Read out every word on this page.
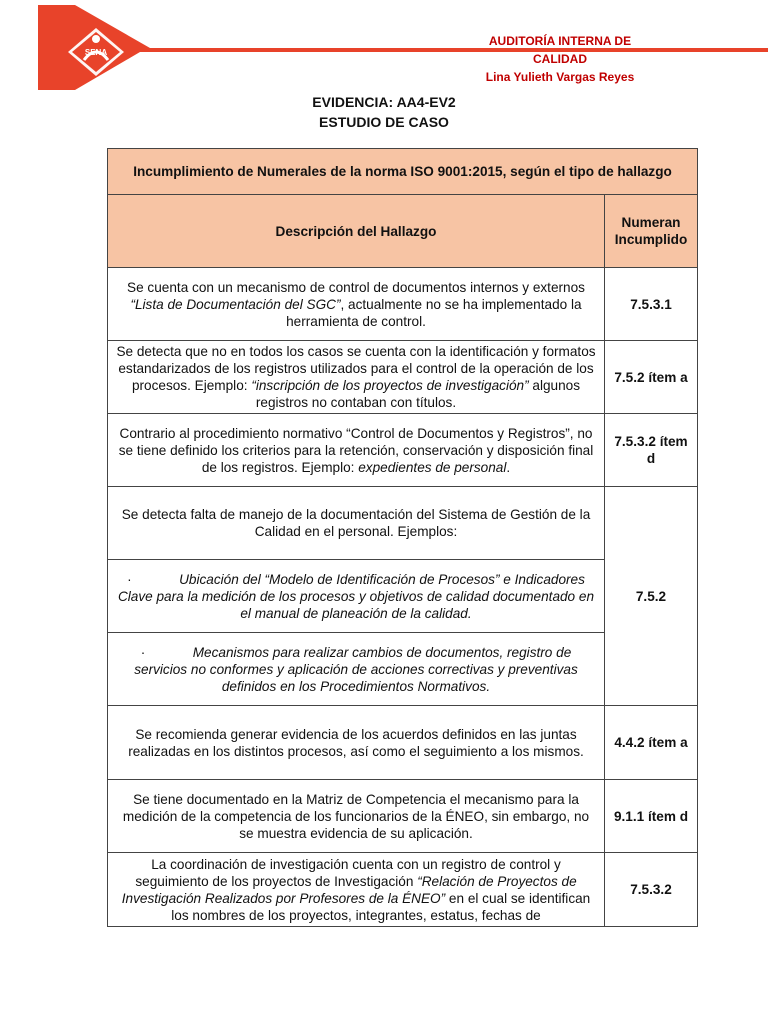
SENA
AUDITORÍA INTERNA DE
CALIDAD
Lina Yulieth Vargas Reyes
EVIDENCIA: AA4-EV2
ESTUDIO DE CASO
Incumplimiento de Numerales de la norma ISO 9001:2015, según el tipo de hallazgo	
Descripción del Hallazgo	Numeran Incumplido
Se cuenta con un mecanismo de control de documentos internos y externos “Lista de Documentación del SGC”, actualmente no se ha implementado la herramienta de control.	7.5.3.1
Se detecta que no en todos los casos se cuenta con la identificación y formatos estandarizados de los registros utilizados para el control de la operación de los procesos. Ejemplo: “inscripción de los proyectos de investigación” algunos registros no contaban con títulos.	7.5.2 ítem a
Contrario al procedimiento normativo “Control de Documentos y Registros”, no se tiene definido los criterios para la retención, conservación y disposición final de los registros. Ejemplo: expedientes de personal.	7.5.3.2 ítem d
Se detecta falta de manejo de la documentación del Sistema de Gestión de la Calidad en el personal. Ejemplos:	7.5.2
· Ubicación del “Modelo de Identificación de Procesos” e Indicadores Clave para la medición de los procesos y objetivos de calidad documentado en el manual de planeación de la calidad.	
· Mecanismos para realizar cambios de documentos, registro de servicios no conformes y aplicación de acciones correctivas y preventivas definidos en los Procedimientos Normativos.	
Se recomienda generar evidencia de los acuerdos definidos en las juntas realizadas en los distintos procesos, así como el seguimiento a los mismos.	4.4.2 ítem a
Se tiene documentado en la Matriz de Competencia el mecanismo para la medición de la competencia de los funcionarios de la ÉNEO, sin embargo, no se muestra evidencia de su aplicación.	9.1.1 ítem d
La coordinación de investigación cuenta con un registro de control y seguimiento de los proyectos de Investigación “Relación de Proyectos de Investigación Realizados por Profesores de la ÉNEO” en el cual se identifican los nombres de los proyectos, integrantes, estatus, fechas de	7.5.3.2
